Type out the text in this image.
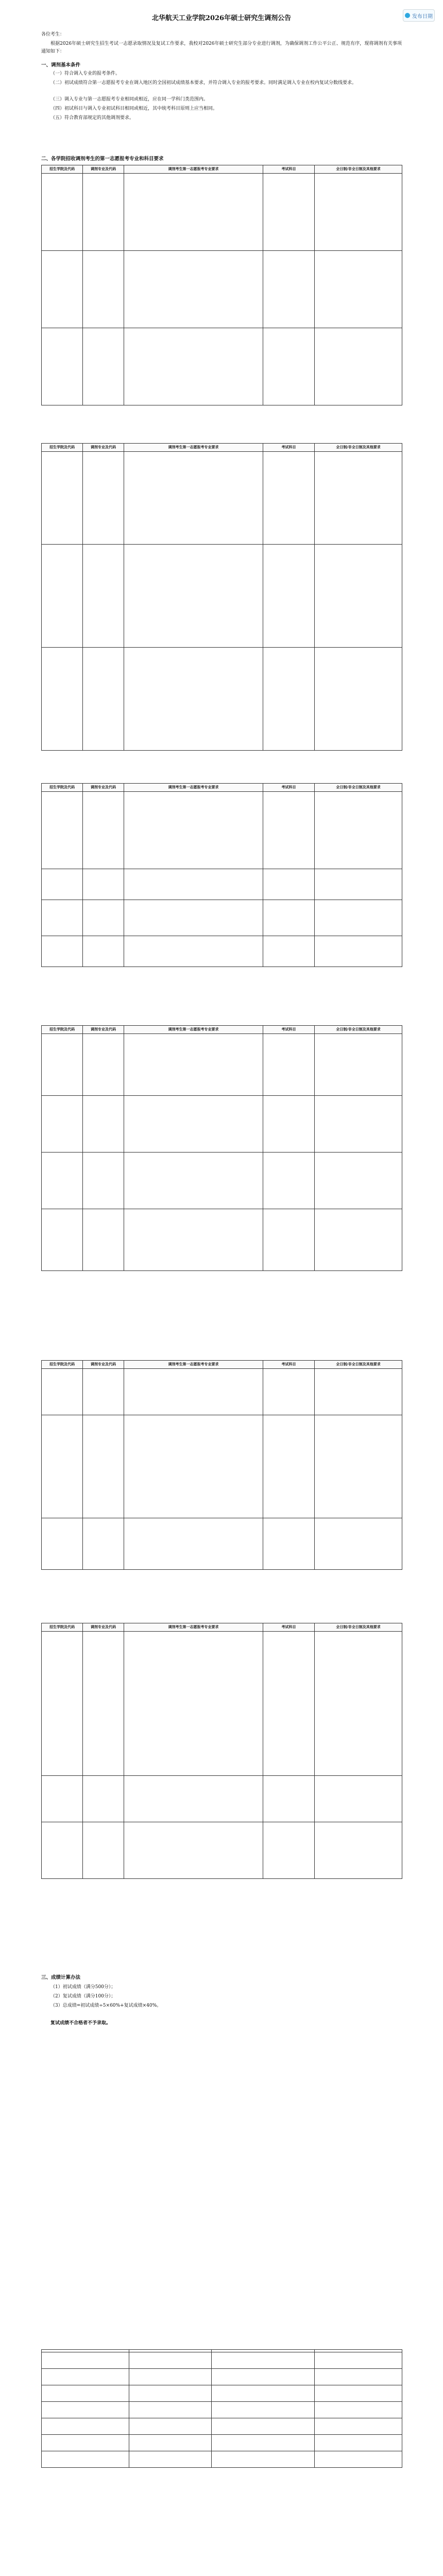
发布日期
北华航天工业学院2026年硕士研究生调剂公告
各位考生：
根据2026年硕士研究生招生考试一志愿录取情况及复试工作要求，我校对2026年硕士研究生部分专业进行调剂，为确保调剂工作公平公正、规范有序，现将调剂有关事项通知如下：
一、调剂基本条件
（一）符合调入专业的报考条件。
（二）初试成绩符合第一志愿报考专业在调入地区的全国初试成绩基本要求，并符合调入专业的报考要求。同时满足调入专业在校内复试分数线要求。
（三）调入专业与第一志愿报考专业相同或相近，应在同一学科门类范围内。
（四）初试科目与调入专业初试科目相同或相近，其中统考科目原则上应当相同。
（五）符合教育部规定的其他调剂要求。
二、各学院招收调剂考生的第一志愿报考专业和科目要求
招生学院及代码	调剂专业及代码	调剂考生第一志愿报考专业要求	考试科目	全日制/非全日制及其他要求

招生学院及代码	调剂专业及代码	调剂考生第一志愿报考专业要求	考试科目	全日制/非全日制及其他要求

招生学院及代码	调剂专业及代码	调剂考生第一志愿报考专业要求	考试科目	全日制/非全日制及其他要求

招生学院及代码	调剂专业及代码	调剂考生第一志愿报考专业要求	考试科目	全日制/非全日制及其他要求

招生学院及代码	调剂专业及代码	调剂考生第一志愿报考专业要求	考试科目	全日制/非全日制及其他要求

招生学院及代码	调剂专业及代码	调剂考生第一志愿报考专业要求	考试科目	全日制/非全日制及其他要求

三、成绩计算办法
（1）初试成绩（满分500分）；
（2）复试成绩（满分100分）；
（3）总成绩=初试成绩÷5×60%+复试成绩×40%。
复试成绩不合格者不予录取。
